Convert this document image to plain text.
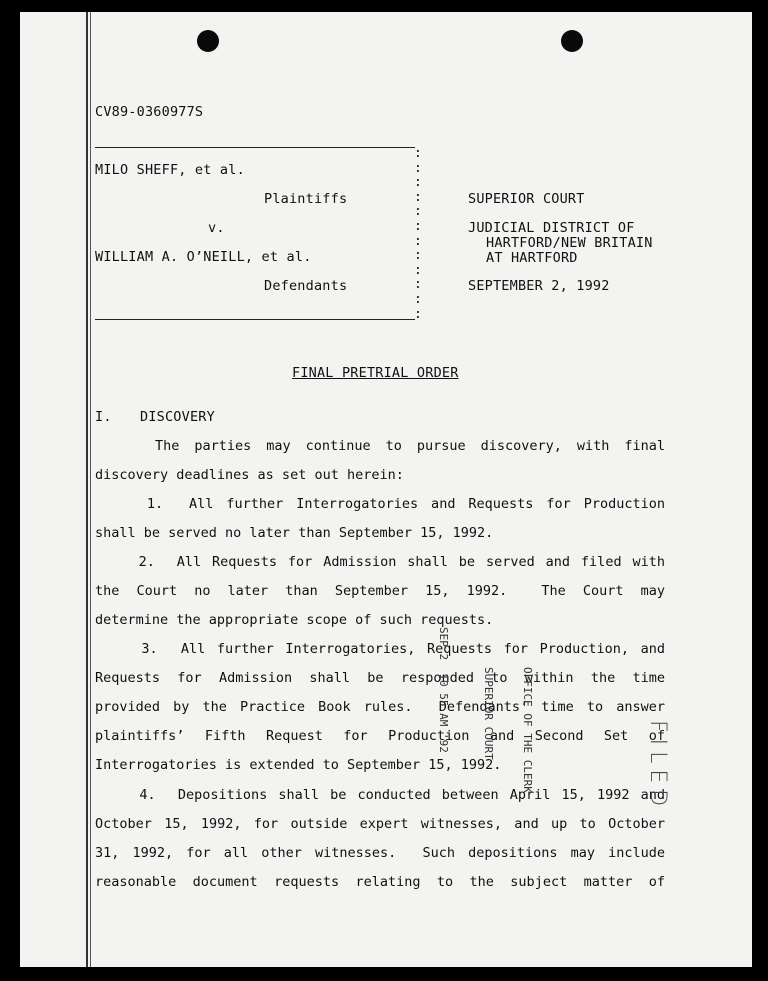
CV89-0360977S
:
:
:
:
:
:
:
:
:
:
:
:
MILO SHEFF, et al.
Plaintiffs
v.
WILLIAM A. O’NEILL, et al.
Defendants
SUPERIOR COURT
JUDICIAL DISTRICT OF
HARTFORD/NEW BRITAIN
AT HARTFORD
SEPTEMBER 2, 1992
FINAL PRETRIAL ORDER
I. DISCOVERY
The parties may continue to pursue discovery, with final
discovery deadlines as set out herein:
1.  All further Interrogatories and Requests for Production
shall be served no later than September 15, 1992.
2.  All Requests for Admission shall be served and filed with
the Court no later than September 15, 1992.  The Court may
determine the appropriate scope of such requests.
3.  All further Interrogatories, Requests for Production, and
Requests for Admission shall be responded to within the time
provided by the Practice Book rules.  Defendants’ time to answer
plaintiffs’ Fifth Request for Production and Second Set of
Interrogatories is extended to September 15, 1992.
4.  Depositions shall be conducted between April 15, 1992 and
October 15, 1992, for outside expert witnesses, and up to October
31, 1992, for all other witnesses.  Such depositions may include
reasonable document requests relating to the subject matter of

OFFICE OF THE CLERK

SUPERIOR COURT

SEP 2  10 55 AM '92

FILED
